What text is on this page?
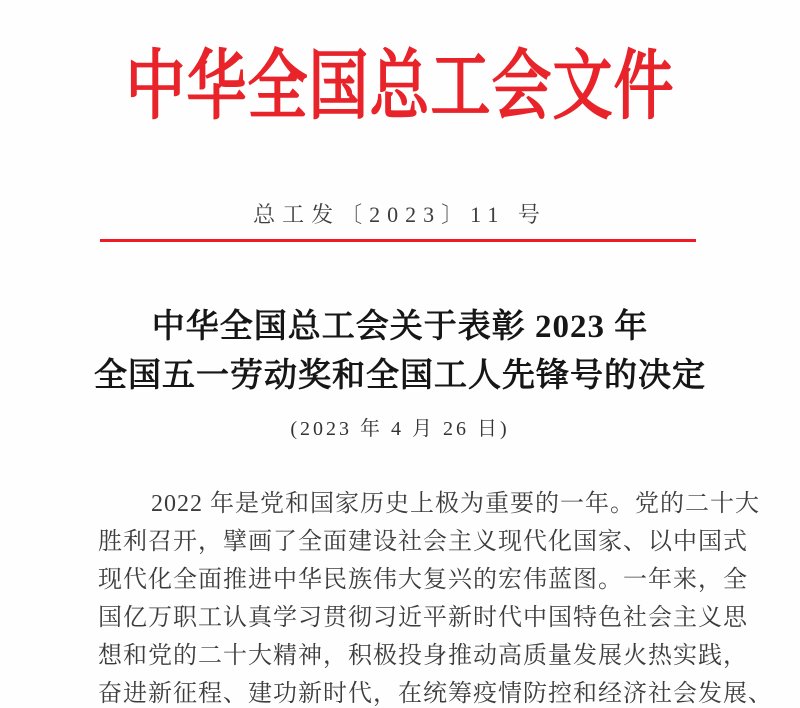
中华全国总工会文件
总工发〔2023〕11 号
中华全国总工会关于表彰 2023 年
全国五一劳动奖和全国工人先锋号的决定
(2023 年 4 月 26 日)
2022 年是党和国家历史上极为重要的一年。党的二十大
胜利召开，擘画了全面建设社会主义现代化国家、以中国式
现代化全面推进中华民族伟大复兴的宏伟蓝图。一年来，全
国亿万职工认真学习贯彻习近平新时代中国特色社会主义思
想和党的二十大精神，积极投身推动高质量发展火热实践，
奋进新征程、建功新时代，在统筹疫情防控和经济社会发展、
